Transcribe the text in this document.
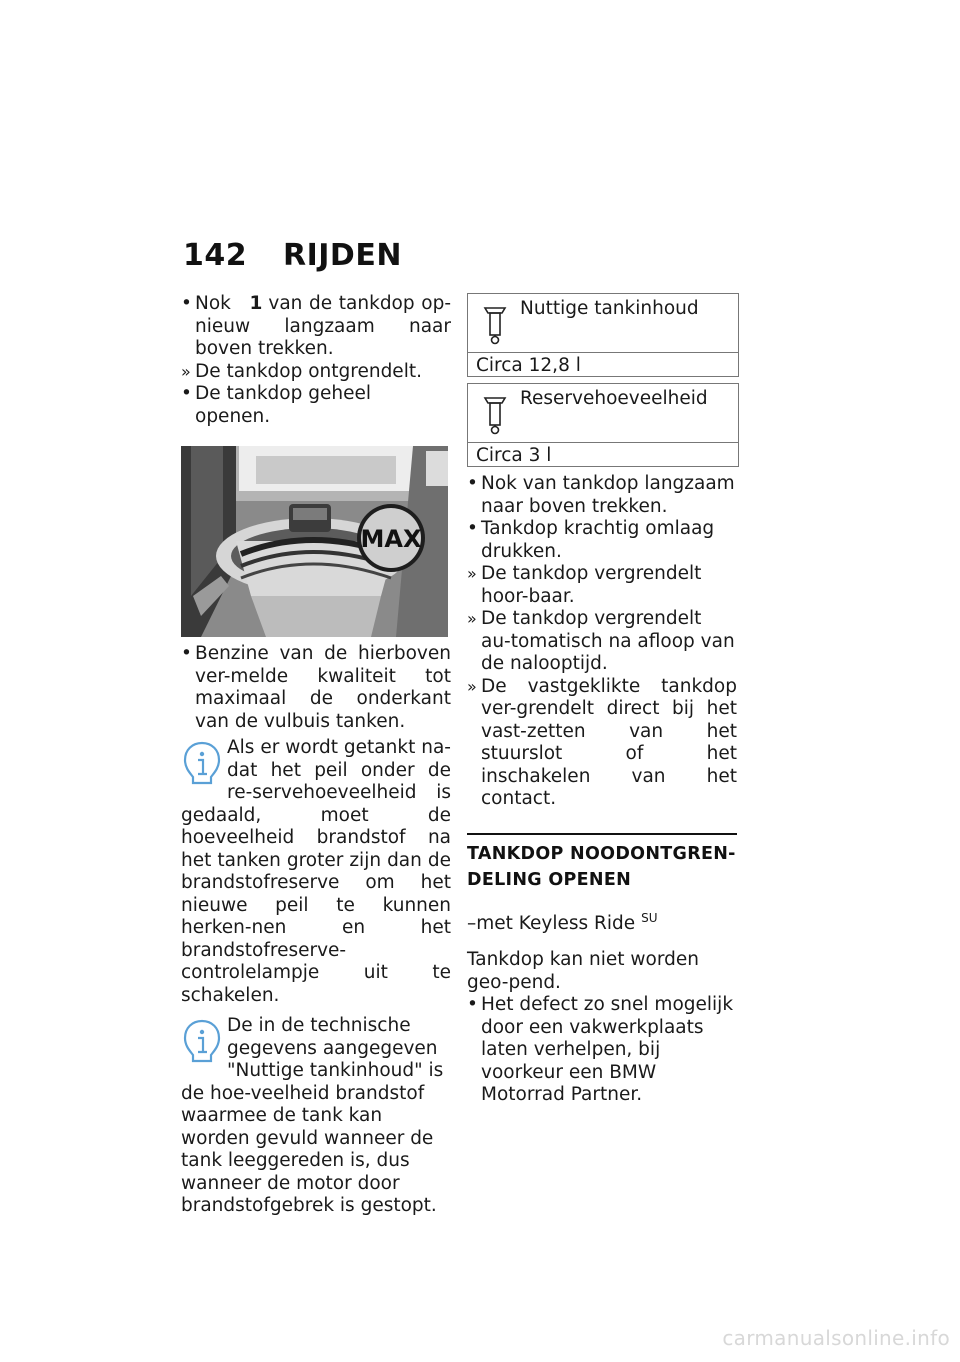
142 RIJDEN
• Nok 1 van de tankdop op-nieuw langzaam naar boven trekken.
» De tankdop ontgrendelt.
• De tankdop geheel openen.
MAX
• Benzine van de hierboven ver-melde kwaliteit tot maximaal de onderkant van de vulbuis tanken.
Als er wordt getankt na-dat het peil onder de re-servehoeveelheid is gedaald, moet de hoeveelheid brandstof na het tanken groter zijn dan de brandstofreserve om het nieuwe peil te kunnen herken-nen en het brandstofreserve-controlelampje uit te schakelen.
De in de technische gegevens aangegeven "Nuttige tankinhoud" is de hoe-veelheid brandstof waarmee de tank kan worden gevuld wanneer de tank leeggereden is, dus wanneer de motor door brandstofgebrek is gestopt.
Nuttige tankinhoud
Circa 12,8 l
Reservehoeveelheid
Circa 3 l
• Nok van tankdop langzaam naar boven trekken.
• Tankdop krachtig omlaag drukken.
» De tankdop vergrendelt hoor-baar.
» De tankdop vergrendelt au-tomatisch na afloop van de nalooptijd.
» De vastgeklikte tankdop ver-grendelt direct bij het vast-zetten van het stuurslot of het inschakelen van het contact.
TANKDOP NOODONTGREN-DELING OPENEN
–met Keyless Ride $^{SU}$
Tankdop kan niet worden geo-pend.
• Het defect zo snel mogelijk door een vakwerkplaats laten verhelpen, bij voorkeur een BMW Motorrad Partner.
carmanualsonline.info
